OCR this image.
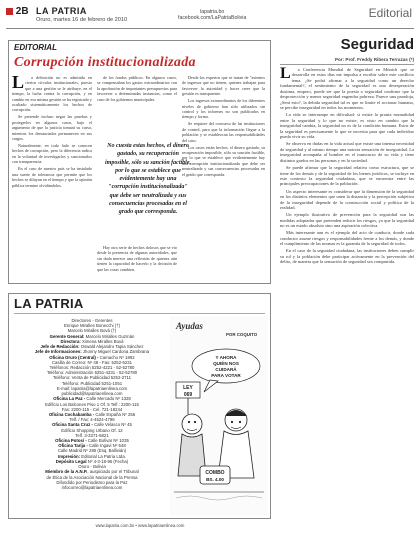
2B LA PATRIA
Oruro, martes 16 de febrero de 2010
lapatria.bo
facebook.com/LaPatriaBolivia	Editorial
EDITORIAL
Corrupción institucionalizada

L a definición no es admitida en ciertos círculos institucionales, puesto que a una gestión se le atribuye, en el tiempo, la lucha contra la corrupción, y en cambio en esa misma gestión se ha registrado y ocultado sistemáticamente los hechos de corrupción.

Se pretende incluso negar las pruebas y protegerlos en algunos casos, bajo el argumento de que la justicia tomará su curso, mientras los denunciados permanecen en sus cargos.

Naturalmente, en todo lado se conocen hechos de corrupción, pero la diferencia radica en la voluntad de investigarlos y sancionarlos con transparencia.

En el caso de nuestro país se ha instalado una suerte de tolerancia que permite que los hechos se diluyan en el tiempo y que la opinión pública termine olvidándolos.

de los fondos públicos. En algunos casos, se compensaban los gastos extraordinarios con la aprobación de importantes presupuestos para favorecer a determinadas instancias, como el caso de los gobiernos municipales.

No cuesta estas hechos, el dinero gastado, su recuperación imposible, sólo su sanción factible, por lo que se establece que evidentemente hay una "corrupción institucionalizada" que debe ser neutralizada y sus consecuencias procesadas en el grado que corresponda.

Hay otra serie de hechos dolosos que se vio desde la presencia de algunas autoridades, que sin duda merece una reflexión de quienes aún tienen la capacidad de hacerlo y la decisión de que las cosas cambien.

Desde los expertos que se tratan de "asientos de ingresos que no tienen, quienes trabajan para favorecer la autoridad y hacer creer que la gestión es transparente.

Los ingresos extraordinarios de los diferentes niveles de gobierno han sido utilizados sin control y los informes no son publicados en tiempo y forma.

Se requiere del concurso de las instituciones de control, para que la información llegue a la población y se establezcan las responsabilidades del caso.

Los casos están hechos, el dinero gastado, su recuperación imposible, sólo su sanción factible, por lo que se establece que evidentemente hay una corrupción institucionalizada que debe ser neutralizada y sus consecuencias procesadas en el grado que corresponda.

LA PATRIA
Directores - Gerentes
Enrique Miralles Bonecchi (†)
Marcelo Miralles Bová (†)
Gerente General: Marcelo Miralles Guzmán
Directora: Ximena Miralles Bová
Jefe de Redacción: Oswald Alejandro Tapia Sánchez
Jefe de Informaciones: Jhonny Miguel Cardona Zambrana
Oficina Oruro (Central) - Camacho Nº 1892
Casilla de Correo: Nº 48 - Fax: 5252-5231
Teléfonos: Redacción 5252-4221 - 52-52780
Teléfono: Administración 5251-4231 - 52-52780
Teléfono: Venta de Publicidad 5252-2711
Teléfono: Publicidad 5251-1051
E-mail: lapatria@lapatriaenlinea.com
publicidad@lapatriaenlinea.com
Oficina La Paz - Calle Mercado Nº 1328
Edificio Los Balcones Piso 1 Of. 5 Telf.: 2200-115
Fax: 2200-115 - Cel. 721-18244
Oficina Cochabamba - Calle España Nº 255
Telf. / Fax: 4-4524-4796
Oficina Santa Cruz - Calle Velasco Nº 45
Edificio Shopping Urbano Of. 12
Telf. 3-3371-6821
Oficina Potosí - Calle Bolívar Nº 1035
Oficina Tarija - Calle Ingavi Nº 548
Calle Madrid Nº 285 (Esq. Ballivián)
Impresión: Editorial La Patria Ltda.
Depósito Legal Nº 4-3-18-95 (Fecha)
Oruro - Bolivia
Miembro de la A.N.P., auspiciado por el Tribunal
de Ética de la Asociación Nacional de la Prensa
Difundido por Periodismo para la Paz
infocorreo@lapatriaenlinea.com
Y AHORA
QUIÉN NOS
CUIDARÁ
PARA VOTAR
LEY
069
COMBO
BS. 4.00
Ayudas
POR COQUITO
www.lapatria.com.bo • www.lapatriaenlinea.com
Seguridad
Por: Prof. Freddy Ribera Terrazas (*)

L a Conferencia Mundial de Seguridad en Múnich que se desarrolla en estos días me impulsa a escribir sobre este conflicto tema. ¿Se podrá afirmar a la seguridad como un derecho fundamental?, el sentimiento de la seguridad es una desesperación dusitma, empero, puede ser que la poesía o seguridad confirme que la desprotección y menor seguridad engendra pobreza. Parece una paradoja, ¿Será esto?, la debida seguridad tal es que se limite el accionar humano, se percibe inseguridad en todos los momentos.

La vida se interrumpe en dificultad: si existe la pronta normalidad entre la seguridad y lo que no existe, es visto en cambio que la inseguridad cambia, la seguridad no es de la condición humana. Estos de la seguridad es precisamente lo que se necesita para que cada individuo pueda vivir su vida.

Se observa en dudas en la vida actual que existe una intensa necesidad de seguridad y al mismo tiempo una notoria sensación de inseguridad. La inseguridad acompaña al hombre en el transcurso de su vida y tiene distintos grados en las personas y en la sociedad.

Se puede afirmar que la seguridad relativa como estructura, que se tiene de los demás y de la seguridad de los bienes jurídicos, se incluye en este contexto la seguridad ciudadana, que se encuentra entre las principales preocupaciones de la población.

Un aspecto interesante es considerar que la dimensión de la seguridad en los distintos elementos que unen la distancia y la percepción subjetiva de la inseguridad depende de la construcción social y política de la realidad.

Un ejemplo ilustrativo de prevención para la seguridad son las medidas adoptadas que pretenden reducir los riesgos, ya que la seguridad no es un estado absoluto sino una aspiración colectiva.

Más interesante aun es el ejemplo del acto de conducir, donde cada conductor asume riesgos y responsabilidades frente a los demás, y donde el cumplimiento de las normas es la garantía de la seguridad de todos.

En el caso de la seguridad ciudadana, las instituciones deben cumplir su rol y la población debe participar activamente en la prevención del delito, de manera que la sensación de seguridad sea compartida.
